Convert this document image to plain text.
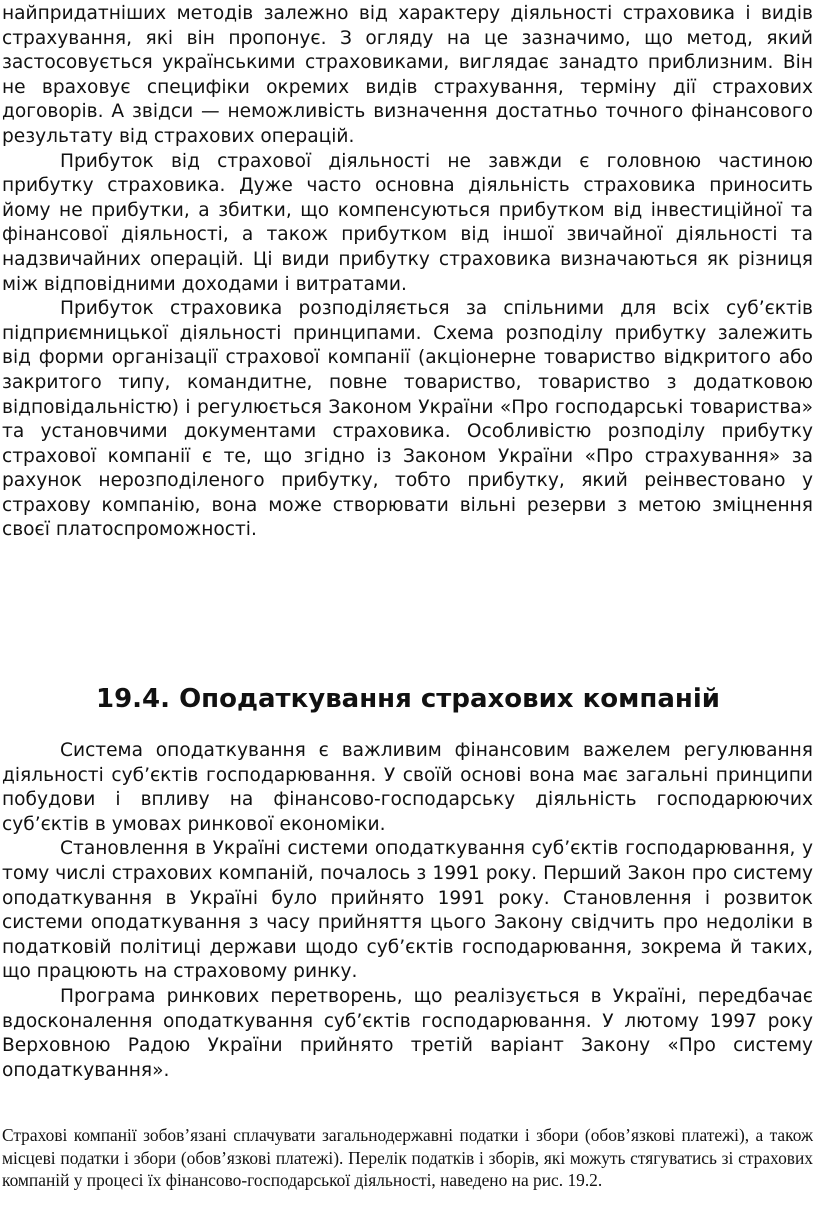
найпридатніших методів залежно від характеру діяльності страховика і видів страхування, які він пропонує. З огляду на це зазначимо, що метод, який застосовується українськими страховиками, виглядає занадто приблизним. Він не враховує специфіки окремих видів страхування, терміну дії страхових договорів. А звідси — неможливість визначення достатньо точного фінансового результату від страхових операцій.

Прибуток від страхової діяльності не завжди є головною частиною прибутку страховика. Дуже часто основна діяльність страховика приносить йому не прибутки, а збитки, що компенсуються прибутком від інвестиційної та фінансової діяльності, а також прибутком від іншої звичайної діяльності та надзвичайних операцій. Ці види прибутку страховика визначаються як різниця між відповідними доходами і витратами.

Прибуток страховика розподіляється за спільними для всіх суб’єктів підприємницької діяльності принципами. Схема розподілу прибутку залежить від форми організації страхової компанії (акціонерне товариство відкритого або закритого типу, командитне, повне товариство, товариство з додатковою відповідальністю) і регулюється Законом України «Про господарські товариства» та установчими документами страховика. Особливістю розподілу прибутку страхової компанії є те, що згідно із Законом України «Про страхування» за рахунок нерозподіленого прибутку, тобто прибутку, який реінвестовано у страхову компанію, вона може створювати вільні резерви з метою зміцнення своєї платоспроможності.

19.4. Оподаткування страхових компаній

Система оподаткування є важливим фінансовим важелем регулювання діяльності суб’єктів господарювання. У своїй основі вона має загальні принципи побудови і впливу на фінансово-господарську діяльність господарюючих суб’єктів в умовах ринкової економіки.

Становлення в Україні системи оподаткування суб’єктів господарювання, у тому числі страхових компаній, почалось з 1991 року. Перший Закон про систему оподаткування в Україні було прийнято 1991 року. Становлення і розвиток системи оподаткування з часу прийняття цього Закону свідчить про недоліки в податковій політиці держави щодо суб’єктів господарювання, зокрема й таких, що працюють на страховому ринку.

Програма ринкових перетворень, що реалізується в Україні, передбачає вдосконалення оподаткування суб’єктів господарювання. У лютому 1997 року Верховною Радою України прийнято третій варіант Закону «Про систему оподаткування».

Страхові компанії зобов’язані сплачувати загальнодержавні податки і збори (обов’язкові платежі), а також місцеві податки і збори (обов’язкові платежі). Перелік податків і зборів, які можуть стягуватись зі страхових компаній у процесі їх фінансово-господарської діяльності, наведено на рис. 19.2.
